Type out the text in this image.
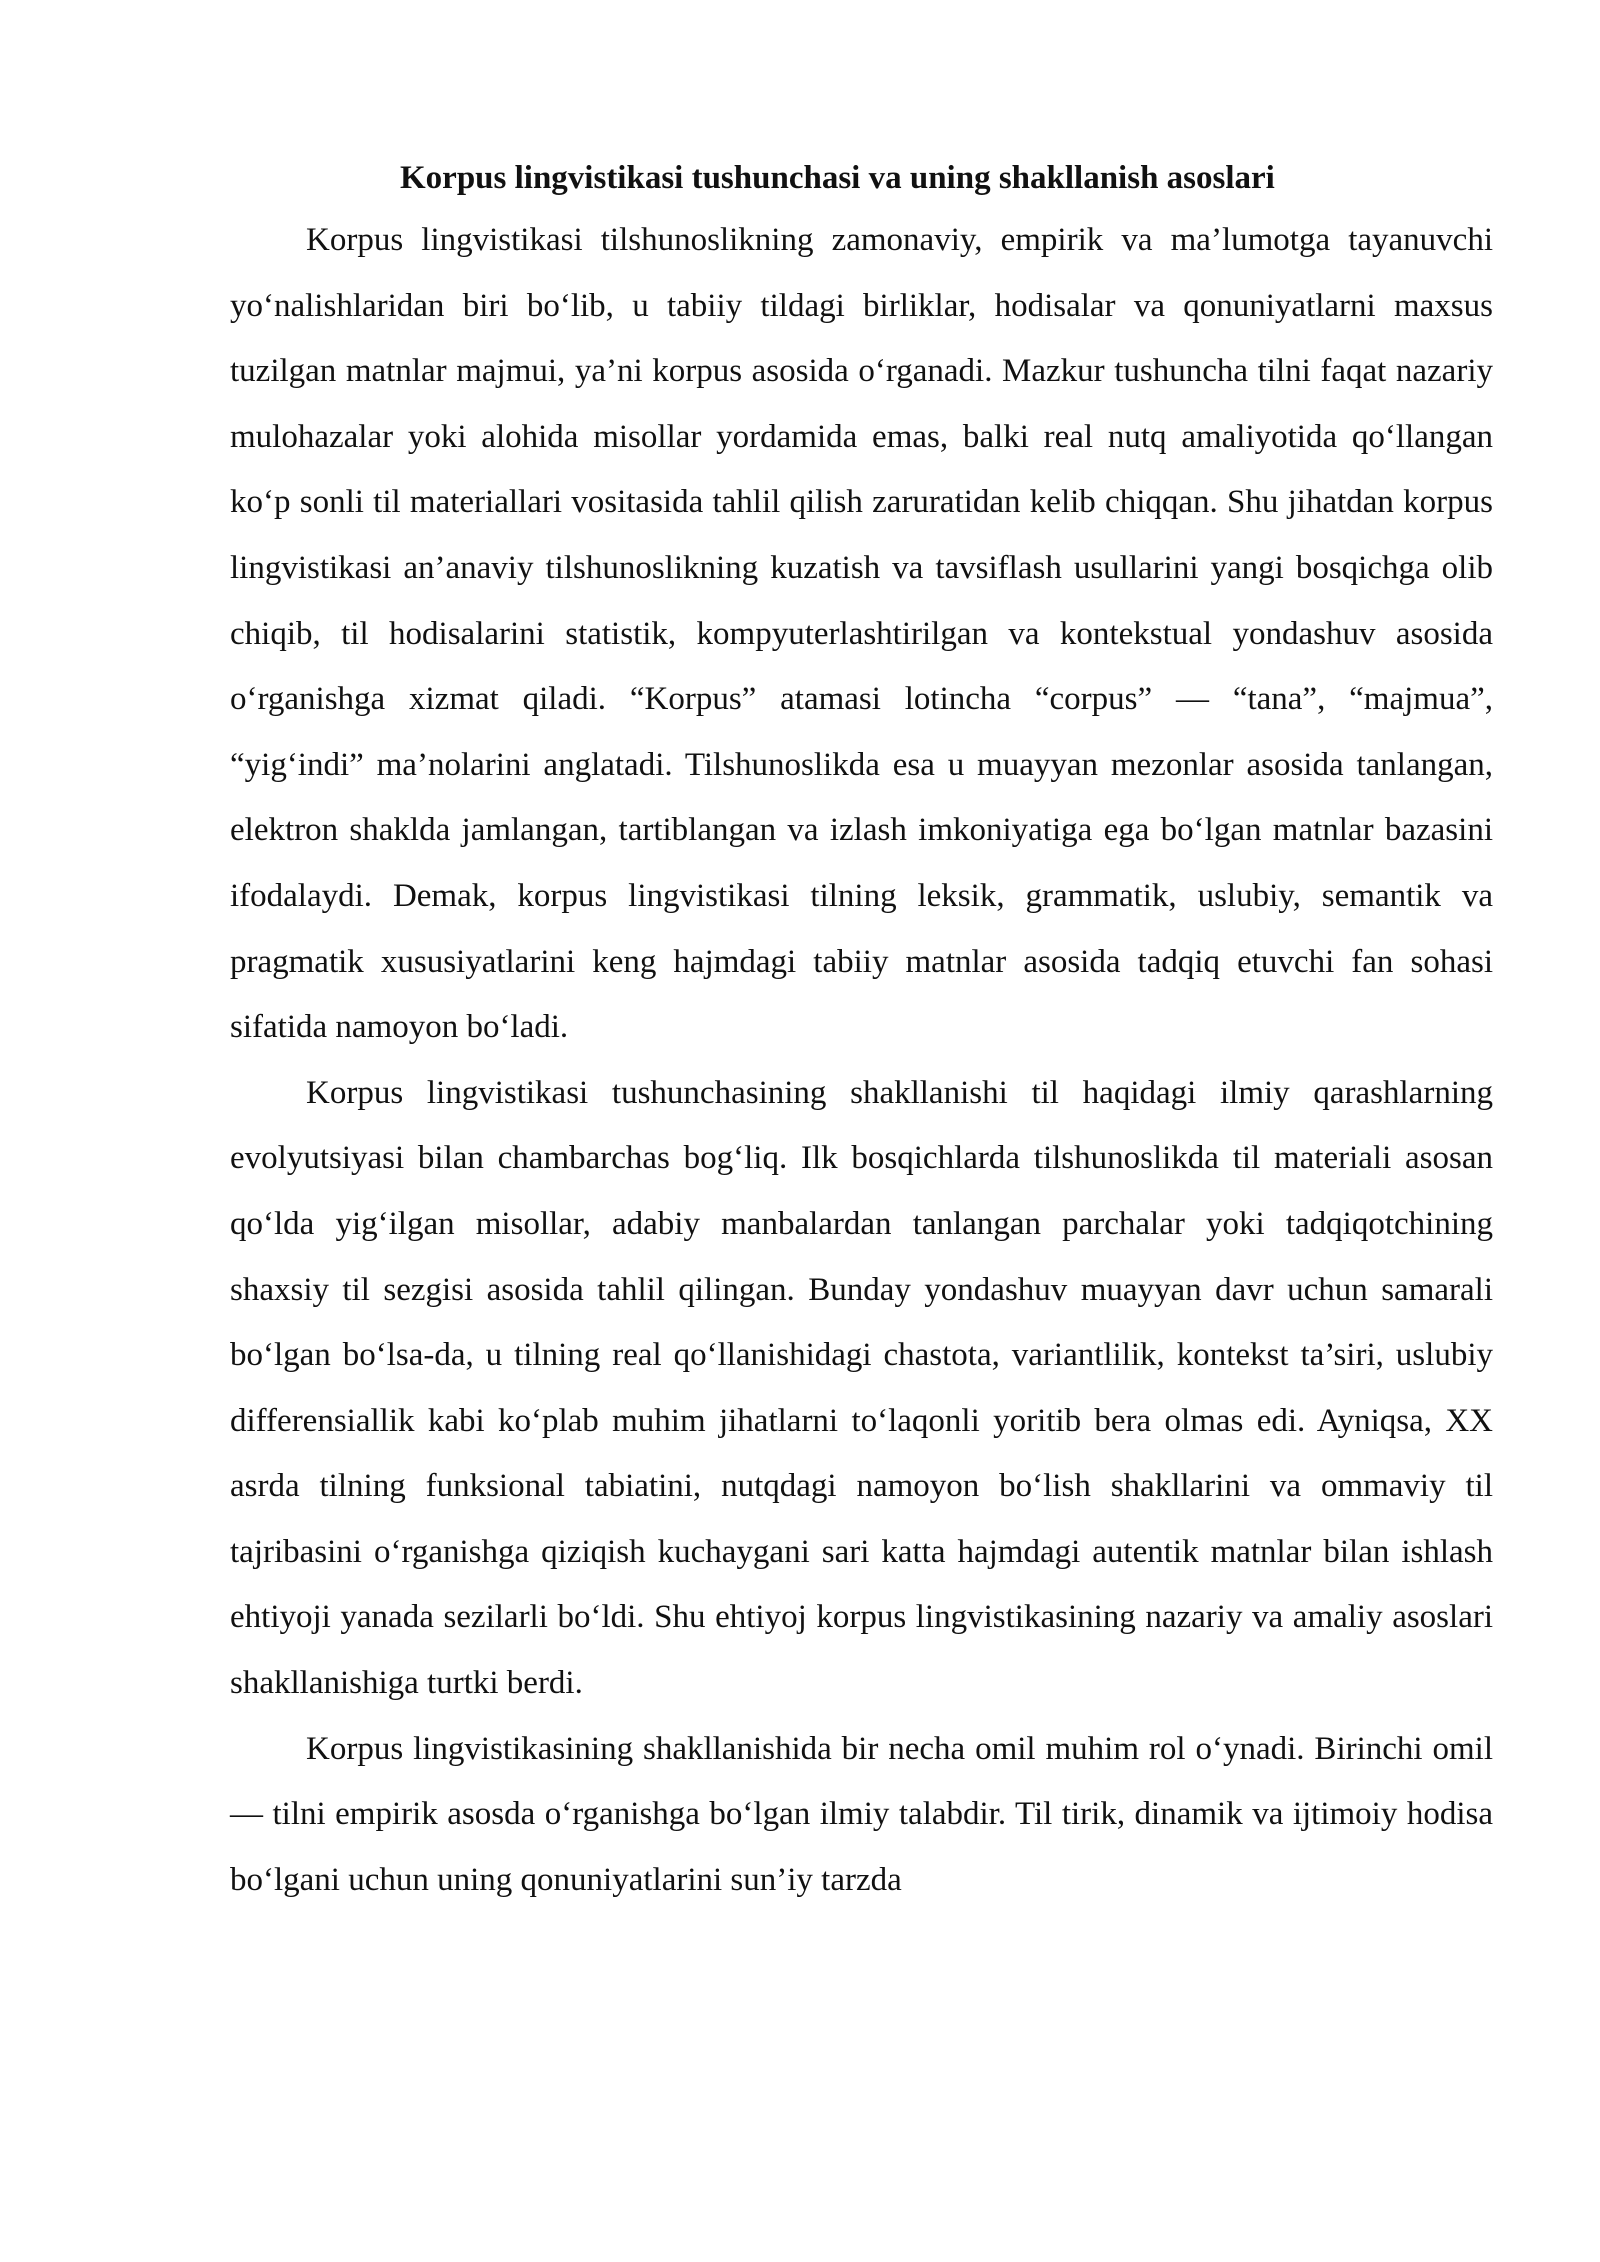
Korpus lingvistikasi tushunchasi va uning shakllanish asoslari

Korpus lingvistikasi tilshunoslikning zamonaviy, empirik va ma’lumotga tayanuvchi yo‘nalishlaridan biri bo‘lib, u tabiiy tildagi birliklar, hodisalar va qonuniyatlarni maxsus tuzilgan matnlar majmui, ya’ni korpus asosida o‘rganadi. Mazkur tushuncha tilni faqat nazariy mulohazalar yoki alohida misollar yordamida emas, balki real nutq amaliyotida qo‘llangan ko‘p sonli til materiallari vositasida tahlil qilish zaruratidan kelib chiqqan. Shu jihatdan korpus lingvistikasi an’anaviy tilshunoslikning kuzatish va tavsiflash usullarini yangi bosqichga olib chiqib, til hodisalarini statistik, kompyuterlashtirilgan va kontekstual yondashuv asosida o‘rganishga xizmat qiladi. “Korpus” atamasi lotincha “corpus” — “tana”, “majmua”, “yig‘indi” ma’nolarini anglatadi. Tilshunoslikda esa u muayyan mezonlar asosida tanlangan, elektron shaklda jamlangan, tartiblangan va izlash imkoniyatiga ega bo‘lgan matnlar bazasini ifodalaydi. Demak, korpus lingvistikasi tilning leksik, grammatik, uslubiy, semantik va pragmatik xususiyatlarini keng hajmdagi tabiiy matnlar asosida tadqiq etuvchi fan sohasi sifatida namoyon bo‘ladi.

Korpus lingvistikasi tushunchasining shakllanishi til haqidagi ilmiy qarashlarning evolyutsiyasi bilan chambarchas bog‘liq. Ilk bosqichlarda tilshunoslikda til materiali asosan qo‘lda yig‘ilgan misollar, adabiy manbalardan tanlangan parchalar yoki tadqiqotchining shaxsiy til sezgisi asosida tahlil qilingan. Bunday yondashuv muayyan davr uchun samarali bo‘lgan bo‘lsa-da, u tilning real qo‘llanishidagi chastota, variantlilik, kontekst ta’siri, uslubiy differensiallik kabi ko‘plab muhim jihatlarni to‘laqonli yoritib bera olmas edi. Ayniqsa, XX asrda tilning funksional tabiatini, nutqdagi namoyon bo‘lish shakllarini va ommaviy til tajribasini o‘rganishga qiziqish kuchaygani sari katta hajmdagi autentik matnlar bilan ishlash ehtiyoji yanada sezilarli bo‘ldi. Shu ehtiyoj korpus lingvistikasining nazariy va amaliy asoslari shakllanishiga turtki berdi.

Korpus lingvistikasining shakllanishida bir necha omil muhim rol o‘ynadi. Birinchi omil — tilni empirik asosda o‘rganishga bo‘lgan ilmiy talabdir. Til tirik, dinamik va ijtimoiy hodisa bo‘lgani uchun uning qonuniyatlarini sun’iy tarzda
